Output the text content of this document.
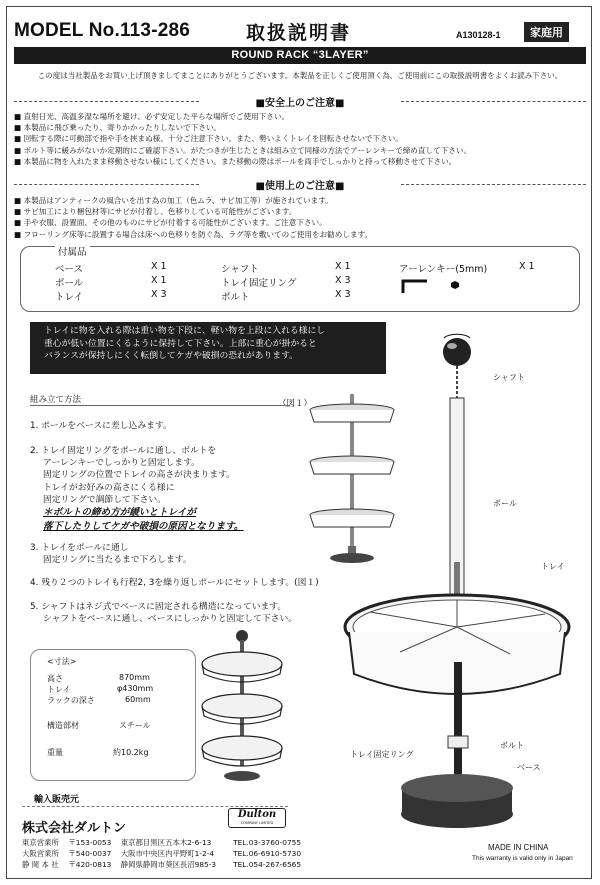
MODEL No.113-286	取扱説明書	A130128-1	家庭用
ROUND RACK “3LAYER”
この度は当社製品をお買い上げ頂きましてまことにありがとうございます。本製品を正しくご使用頂く為、ご使用前にこの取扱説明書をよくお読み下さい。
■安全上のご注意■
■ 直射日光、高温多湿な場所を避け、必ず安定した平らな場所でご使用下さい。
■ 本製品に飛び乗ったり、寄りかかったりしないで下さい。
■ 回転する際に可動部で指や手を挟まぬ様、十分ご注意下さい。また、勢いよくトレイを回転させないで下さい。
■ ボルト等に緩みがないか定期的にご確認下さい。がたつきが生じたときは組み立て同様の方法でアーレンキーで締め直して下さい。
■ 本製品に物を入れたまま移動させない様にしてください。また移動の際はポールを両手でしっかりと持って移動させて下さい。
■使用上のご注意■
■ 本製品はアンティークの風合いを出す為の加工（色ムラ、サビ加工等）が施されています。
■ サビ加工により梱包材等にサビが付着し、色移りしている可能性がございます。
■ 手や衣服、設置面、その他のものにサビが付着する可能性がございます。ご注意下さい。
■ フローリング床等に設置する場合は床への色移りを防ぐ為、ラグ等を敷いてのご使用をお勧めします。
付属品
ベース	X 1
ポール	X 1
トレイ	X 3
シャフト	X 1
トレイ固定リング	X 3
ボルト	X 3
アーレンキー(5mm)	X 1
トレイに物を入れる際は重い物を下段に、軽い物を上段に入れる様にし
重心が低い位置にくるように保持して下さい。上部に重心が掛かると
バランスが保持しにくく転倒してケガや破損の恐れがあります。
組み立て方法	（図１）
1. ポールをベースに差し込みます。
2. トレイ固定リングをポールに通し、ボルトを
アーレンキーでしっかりと固定します。
固定リングの位置でトレイの高さが決まります。
トレイがお好みの高さにくる様に
固定リングで調節して下さい。
＊ボルトの締め方が緩いとトレイが
落下したりしてケガや破損の原因となります。
3. トレイをポールに通し
固定リングに当たるまで下ろします。
4. 残り２つのトレイも行程2, 3を繰り返しポールにセットします。(図１)
5. シャフトはネジ式でベースに固定される構造になっています。
シャフトをベースに通し、ベースにしっかりと固定して下さい。
シャフト
ポール
トレイ
ボルト
トレイ固定リング
ベース
<寸法>
高さ	870mm
トレイ	φ430mm
ラックの深さ	60mm
構造部材	スチール
重量	約10.2kg
輸入販売元
株式会社ダルトン
Dulton
COMPANY LIMITED
東京営業所 〒153-0053 東京都目黒区五本木2-6-13	TEL.03-3760-0755
大阪営業所 〒540-0037 大阪市中央区内平野町1-2-4	TEL.06-6910-5730
静 岡 本 社 〒420-0813 静岡県静岡市葵区長沼985-3 TEL.054-267-6565
MADE IN CHINA
This warranty is valid only in Japan
